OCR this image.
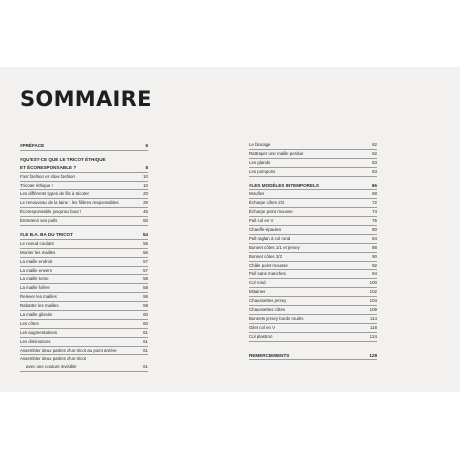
SOMMAIRE
#PRÉFACE	6
#QU'EST-CE QUE LE TRICOT ÉTHIQUE
ET ÉCORESPONSABLE ?	8
Fast fashion vs slow fashion	10
Tricoter éthique !	10
Les différents types de fils à tricoter	20
Le renouveau de la laine : les filières responsables	28
Écoresponsable jusqu'au bout !	46
Entretenir ses pulls	50
#LE B.A. BA DU TRICOT	54
Le noeud coulant	56
Monter les mailles	56
La maille endroit	57
La maille envers	57
La maille torse	58
La maille folère	58
Relever les mailles	59
Rabattre les mailles	59
La maille glissée	60
Les côtes	60
Les augmentations	61
Les diminutions	61
Assembler deux parties d'un tricot au point arrière	61
Assembler deux parties d'un tricot
avec une couture invisible	61
Le blocage	62
Rattraper une maille perdue	62
Les glands	63
Les pompons	63
#LES MODÈLES INTEMPORELS	66
Moufles	68
Écharpe côtes 2/2	72
Écharpe point mousse	74
Pull col en V	76
Chauffe-épaules	80
Pull raglan à col rond	84
Bonnet côtes 1/1 et jersey	88
Bonnet côtes 2/2	90
Châle point mousse	92
Pull sans manches	94
Col rond	100
Mitaines	102
Chaussettes jersey	104
Chaussettes côtes	109
Bonnets jersey bords roulés	114
Gilet col en V	118
Col plastron	124
REMERCIEMENTS	128
